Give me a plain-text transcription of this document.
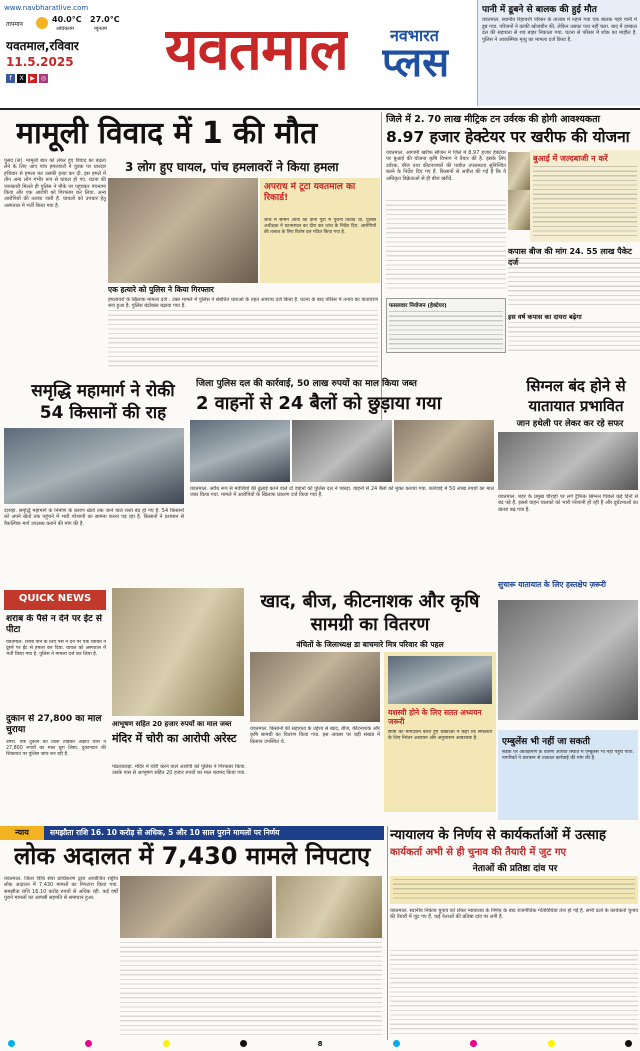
www.navbharatlive.com
तापमान
40.0°C
अधिकतम
27.0°C
न्यूनतम
यवतमाल,रविवार
11.5.2025
f	X	▶	◎ यवतमाल	नवभारत
प्लस
पानी में डूबने से बालक की हुई मौत
यवतमाल. स्थानीय रिहायशी परिसर के तालाब में नहाने गया एक बालक गहरे पानी में डूब गया. परिजनों ने काफी खोजबीन की, लेकिन उसका पता नहीं चला. बाद में दमकल दल की सहायता से शव बाहर निकाला गया. घटना से परिसर में शोक का माहौल है. पुलिस ने आकस्मिक मृत्यु का मामला दर्ज किया है.
मामूली विवाद में 1 की मौत
3 लोग हुए घायल, पांच हमलावरों ने किया हमला
पुसद (सं). मामूली बात को लेकर हुए विवाद का बदला लेने के लिए आए पांच हमलावरों ने युवक पर धारदार हथियार से हमला कर उसकी हत्या कर दी. इस हमले में तीन अन्य लोग गंभीर रूप से घायल हो गए. घटना की जानकारी मिलते ही पुलिस ने मौके पर पहुंचकर पंचनामा किया और एक आरोपी को गिरफ्तार कर लिया. अन्य आरोपियों की तलाश जारी है. घायलों को उपचार हेतु अस्पताल में भर्ती किया गया है.
अपराध में टूटा यवतमाल का रिकार्ड!
जांच में सामने आया कि दोनों गुटों में पुराना विवाद था. पुलिस अधीक्षक ने घटनास्थल का दौरा कर जांच के निर्देश दिए. आरोपियों की तलाश के लिए विशेष दल गठित किया गया है.
एक हत्यारे को पुलिस ने किया गिरफ्तार
हमलावरों के खिलाफ मामला दर्ज : उक्त मामले में पुलिस ने संबंधित धाराओं के तहत अपराध दर्ज किया है. घटना के बाद परिसर में तनाव का वातावरण बना हुआ है. पुलिस बंदोबस्त बढ़ाया गया है.
जिले में 2. 70 लाख मीट्रिक टन उर्वरक की होगी आवश्यकता
8.97 हजार हेक्टेयर पर खरीफ की योजना
यवतमाल. आगामी खरीफ सीजन में जिले में 8.97 हजार हेक्टेयर पर बुआई की योजना कृषि विभाग ने तैयार की है. इसके लिए उर्वरक, बीज तथा कीटनाशकों की पर्याप्त उपलब्धता सुनिश्चित करने के निर्देश दिए गए हैं. किसानों से अपील की गई है कि वे अधिकृत विक्रेताओं से ही बीज खरीदें.
बुआई में जल्दबाजी न करें
कपास बीज की मांग 24. 55 लाख पैकेट दर्ज
इस वर्ष कपास का दायरा बढ़ेगा
फसलवार नियोजन (हेक्टेयर)
समृद्धि महामार्ग ने रोकी 54 किसानों की राह
दारव्हा. समृद्धि महामार्ग के निर्माण के कारण खेतों तक जाने वाले रास्ते बंद हो गए हैं. 54 किसानों को अपने खेतों तक पहुंचने में भारी परेशानी का सामना करना पड़ रहा है. किसानों ने प्रशासन से वैकल्पिक मार्ग उपलब्ध कराने की मांग की है.
जिला पुलिस दल की कार्रवाई, 50 लाख रुपयों का माल किया जब्त
2 वाहनों से 24 बैलों को छुड़ाया गया
यवतमाल. अवैध रूप से मवेशियों की ढुलाई करने वाले दो वाहनों को पुलिस दल ने पकड़ा. वाहनों से 24 बैलों को मुक्त कराया गया. कार्रवाई में 50 लाख रुपयों का माल जब्त किया गया. मामले में आरोपियों के खिलाफ प्रकरण दर्ज किया गया है.
सिग्नल बंद होने से यातायात प्रभावित
जान हथेली पर लेकर कर रहे सफर
यवतमाल. शहर के प्रमुख चौराहों पर लगे ट्रैफिक सिग्नल पिछले कई दिनों से बंद पड़े हैं. इससे वाहन चालकों को भारी परेशानी हो रही है और दुर्घटनाओं का खतरा बढ़ गया है.
सुचारू यातायात के लिए हस्तक्षेप ज़रूरी
QUICK NEWS
शराब के पैसे न देने पर ईंट से पीटा
यवतमाल. शराब पीने के लिए पैसे न देने पर एक व्यक्ति ने दूसरे पर ईंट से हमला कर दिया. घायल को अस्पताल में भर्ती किया गया है. पुलिस ने मामला दर्ज कर लिया है.
दुकान से 27,800 का माल चुराया
उमरी. एक दुकान का ताला तोड़कर अज्ञात चोरों ने 27,800 रुपयों का माल चुरा लिया. दुकानदार की शिकायत पर पुलिस जांच कर रही है.
खाद, बीज, कीटनाशक और कृषि सामग्री का वितरण
वंचितों के जिलाध्यक्ष डा बाचमारे मित्र परिवार की पहल
यवतमाल. किसानों की सहायता के उद्देश्य से खाद, बीज, कीटनाशक और कृषि सामग्री का वितरण किया गया. इस अवसर पर बड़ी संख्या में किसान उपस्थित थे.
यशस्वी होने के लिए सतत अध्ययन जरूरी
छात्रों को मार्गदर्शन करते हुए वक्ताओं ने कहा कि सफलता के लिए निरंतर अध्ययन और अनुशासन आवश्यक है.
आभूषण सहित 20 हजार रुपयों का माल जब्त
मंदिर में चोरी का आरोपी अरेस्ट
पांढरकवड़ा. मंदिर में चोरी करने वाले आरोपी को पुलिस ने गिरफ्तार किया. उसके पास से आभूषण सहित 20 हजार रुपयों का माल बरामद किया गया.
एम्बुलेंस भी नहीं जा सकती
सड़क पर अतिक्रमण के कारण आपात स्थिति में एम्बुलेंस भी नहीं पहुंच पाती. नागरिकों ने प्रशासन से तत्काल कार्रवाई की मांग की है.
न्याय	समझौता राशि 16. 10 करोड़ से अधिक, 5 और 10 साल पुराने मामलों पर निर्णय
लोक अदालत में 7,430 मामले निपटाए
यवतमाल. जिला विधि सेवा प्राधिकरण द्वारा आयोजित राष्ट्रीय लोक अदालत में 7,430 मामलों का निपटारा किया गया. समझौता राशि 16.10 करोड़ रुपयों से अधिक रही. कई वर्षों पुराने मामलों का आपसी सहमति से समाधान हुआ.
न्यायालय के निर्णय से कार्यकर्ताओं में उत्साह
कार्यकर्ता अभी से ही चुनाव की तैयारी में जुट गए
नेताओं की प्रतिष्ठा दांव पर
यवतमाल. स्थानीय निकाय चुनाव को लेकर न्यायालय के निर्णय के बाद राजनीतिक गतिविधियां तेज हो गई हैं. सभी दलों के कार्यकर्ता चुनाव की तैयारी में जुट गए हैं. कई नेताओं की प्रतिष्ठा दांव पर लगी है.
8
